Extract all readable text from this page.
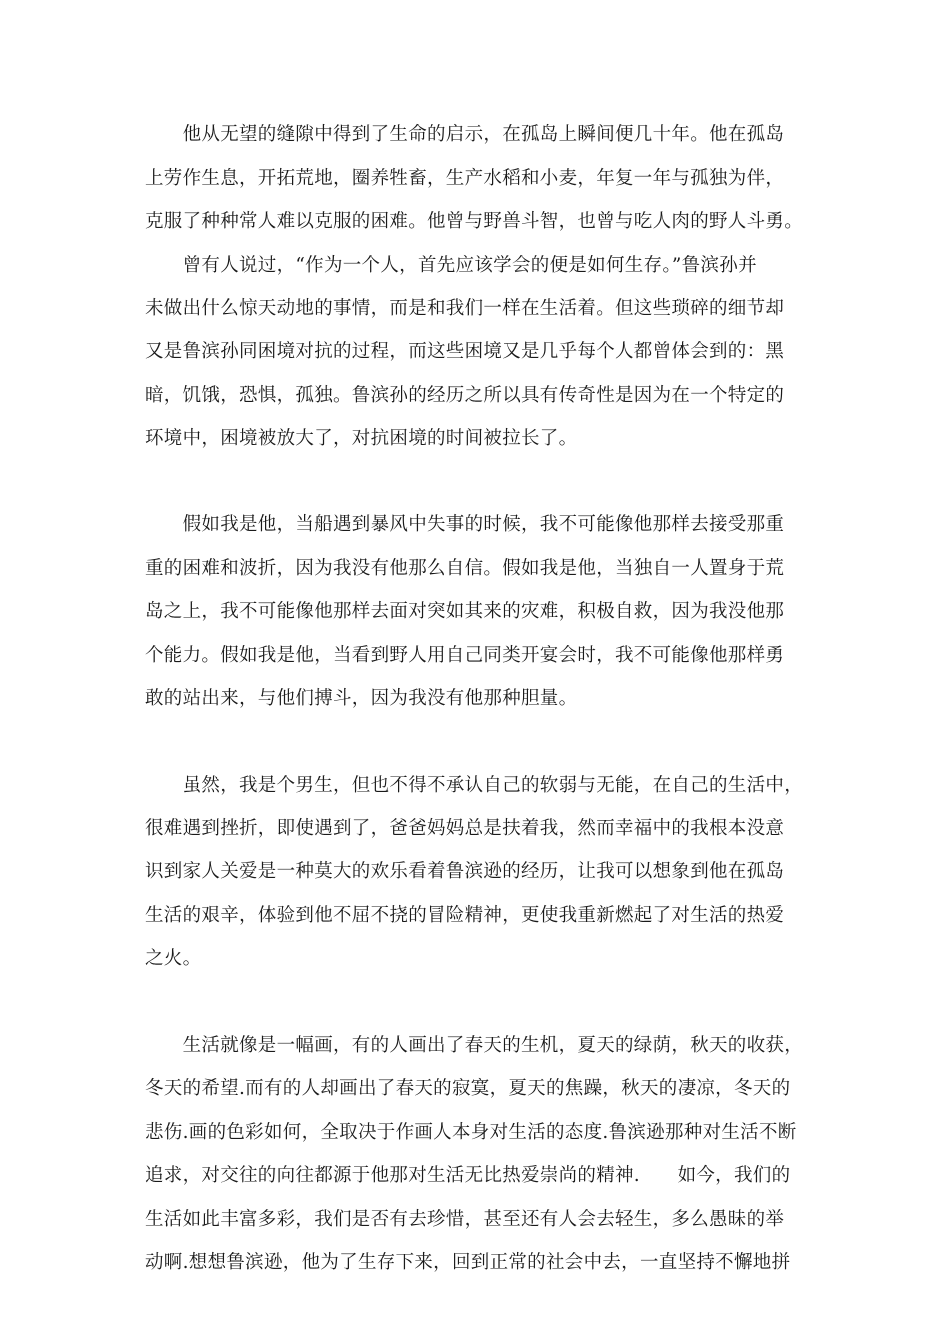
　　他从无望的缝隙中得到了生命的启示，在孤岛上瞬间便几十年。他在孤岛
上劳作生息，开拓荒地，圈养牲畜，生产水稻和小麦，年复一年与孤独为伴，
克服了种种常人难以克服的困难。他曾与野兽斗智，也曾与吃人肉的野人斗勇。
　　曾有人说过，“作为一个人，首先应该学会的便是如何生存。”鲁滨孙并
未做出什么惊天动地的事情，而是和我们一样在生活着。但这些琐碎的细节却
又是鲁滨孙同困境对抗的过程，而这些困境又是几乎每个人都曾体会到的：黑
暗，饥饿，恐惧，孤独。鲁滨孙的经历之所以具有传奇性是因为在一个特定的
环境中，困境被放大了，对抗困境的时间被拉长了。
　　假如我是他，当船遇到暴风中失事的时候，我不可能像他那样去接受那重
重的困难和波折，因为我没有他那么自信。假如我是他，当独自一人置身于荒
岛之上，我不可能像他那样去面对突如其来的灾难，积极自救，因为我没他那
个能力。假如我是他，当看到野人用自己同类开宴会时，我不可能像他那样勇
敢的站出来，与他们搏斗，因为我没有他那种胆量。
　　虽然，我是个男生，但也不得不承认自己的软弱与无能，在自己的生活中，
很难遇到挫折，即使遇到了，爸爸妈妈总是扶着我，然而幸福中的我根本没意
识到家人关爱是一种莫大的欢乐看着鲁滨逊的经历，让我可以想象到他在孤岛
生活的艰辛，体验到他不屈不挠的冒险精神，更使我重新燃起了对生活的热爱
之火。
　　生活就像是一幅画，有的人画出了春天的生机，夏天的绿荫，秋天的收获，
冬天的希望.而有的人却画出了春天的寂寞，夏天的焦躁，秋天的凄凉，冬天的
悲伤.画的色彩如何，全取决于作画人本身对生活的态度.鲁滨逊那种对生活不断
追求，对交往的向往都源于他那对生活无比热爱崇尚的精神.　　如今，我们的
生活如此丰富多彩，我们是否有去珍惜，甚至还有人会去轻生，多么愚昧的举
动啊.想想鲁滨逊，他为了生存下来，回到正常的社会中去，一直坚持不懈地拼
